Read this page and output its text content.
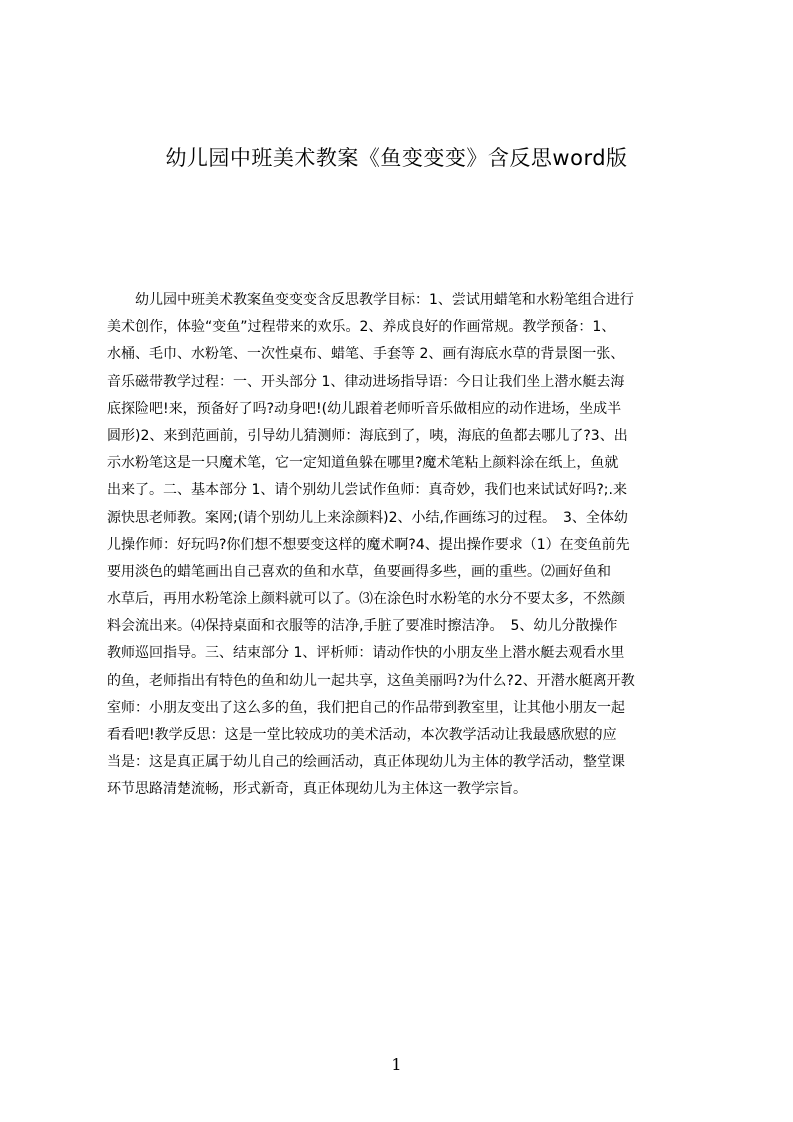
幼儿园中班美术教案《鱼变变变》含反思word版
　　幼儿园中班美术教案鱼变变变含反思教学目标：1、尝试用蜡笔和水粉笔组合进行
美术创作，体验“变鱼”过程带来的欢乐。2、养成良好的作画常规。教学预备：1、
水桶、毛巾、水粉笔、一次性桌布、蜡笔、手套等 2、画有海底水草的背景图一张、
音乐磁带教学过程：一、开头部分 1、律动进场指导语：今日让我们坐上潜水艇去海
底探险吧!来，预备好了吗?动身吧!(幼儿跟着老师听音乐做相应的动作进场，坐成半
圆形)2、来到范画前，引导幼儿猜测师：海底到了，咦，海底的鱼都去哪儿了?3、出
示水粉笔这是一只魔术笔，它一定知道鱼躲在哪里?魔术笔粘上颜料涂在纸上，鱼就
出来了。二、基本部分 1、请个别幼儿尝试作鱼师：真奇妙，我们也来试试好吗?;.来
源快思老师教。案网;(请个别幼儿上来涂颜料)2、小结,作画练习的过程。　3、全体幼
儿操作师：好玩吗?你们想不想要变这样的魔术啊?4、提出操作要求（1）在变鱼前先
要用淡色的蜡笔画出自己喜欢的鱼和水草，鱼要画得多些，画的重些。⑵画好鱼和
水草后，再用水粉笔涂上颜料就可以了。⑶在涂色时水粉笔的水分不要太多，不然颜
料会流出来。⑷保持桌面和衣服等的洁净,手脏了要准时擦洁净。　5、幼儿分散操作
教师巡回指导。三、结束部分 1、评析师：请动作快的小朋友坐上潜水艇去观看水里
的鱼，老师指出有特色的鱼和幼儿一起共享，这鱼美丽吗?为什么?2、开潜水艇离开教
室师：小朋友变出了这么多的鱼，我们把自己的作品带到教室里，让其他小朋友一起
看看吧!教学反思：这是一堂比较成功的美术活动，本次教学活动让我最感欣慰的应
当是：这是真正属于幼儿自己的绘画活动，真正体现幼儿为主体的教学活动，整堂课
环节思路清楚流畅，形式新奇，真正体现幼儿为主体这一教学宗旨。
1
